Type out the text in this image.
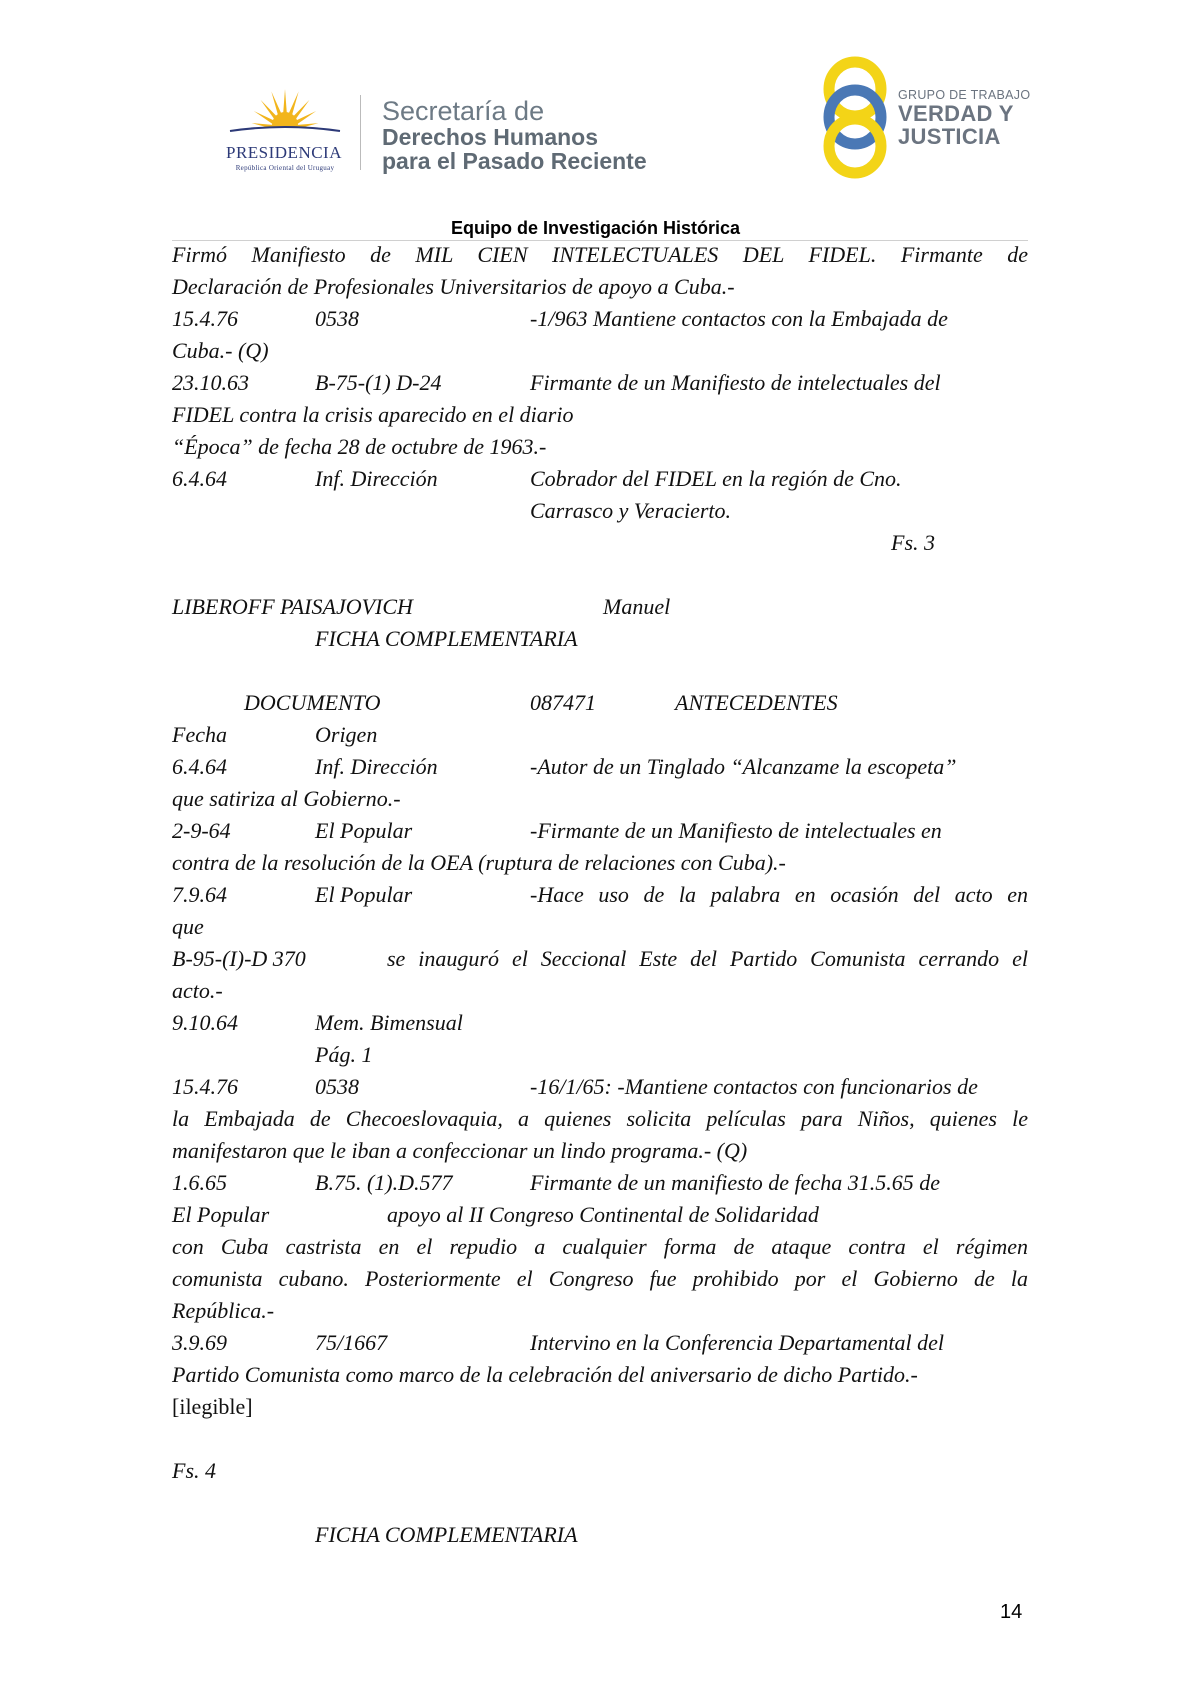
PRESIDENCIA
República Oriental del Uruguay
Secretaría de
Derechos Humanos
para el Pasado Reciente
GRUPO DE TRABAJO
VERDAD Y
JUSTICIA
Equipo de Investigación Histórica
Firmó Manifiesto de MIL CIEN INTELECTUALES DEL FIDEL. Firmante de
Declaración de Profesionales Universitarios de apoyo a Cuba.-
15.4.76	0538	-1/963 Mantiene contactos con la Embajada de
Cuba.- (Q)
23.10.63	B-75-(1) D-24	Firmante de un Manifiesto de intelectuales del
FIDEL contra la crisis aparecido en el diario
“Época” de fecha 28 de octubre de 1963.-
6.4.64	Inf. Dirección	Cobrador del FIDEL en la región de Cno.
Carrasco y Veracierto.
Fs. 3
LIBEROFF PAISAJOVICH	Manuel
FICHA COMPLEMENTARIA
DOCUMENTO	087471	ANTECEDENTES
Fecha	Origen
6.4.64	Inf. Dirección	-Autor de un Tinglado “Alcanzame la escopeta”
que satiriza al Gobierno.-
2-9-64	El Popular	-Firmante de un Manifiesto de intelectuales en
contra de la resolución de la OEA (ruptura de relaciones con Cuba).-
7.9.64	El Popular	-Hace uso de la palabra en ocasión del acto en
que
B-95-(I)-D 370	se inauguró el Seccional Este del Partido Comunista cerrando el
acto.-
9.10.64	Mem. Bimensual
Pág. 1
15.4.76	0538	-16/1/65: -Mantiene contactos con funcionarios de
la Embajada de Checoeslovaquia, a quienes solicita películas para Niños, quienes le
manifestaron que le iban a confeccionar un lindo programa.- (Q)
1.6.65	B.75. (1).D.577	Firmante de un manifiesto de fecha 31.5.65 de
El Popular	apoyo al II Congreso Continental de Solidaridad
con Cuba castrista en el repudio a cualquier forma de ataque contra el régimen
comunista cubano. Posteriormente el Congreso fue prohibido por el Gobierno de la
República.-
3.9.69	75/1667	Intervino en la Conferencia Departamental del
Partido Comunista como marco de la celebración del aniversario de dicho Partido.-
[ilegible]
Fs. 4
FICHA COMPLEMENTARIA
14
